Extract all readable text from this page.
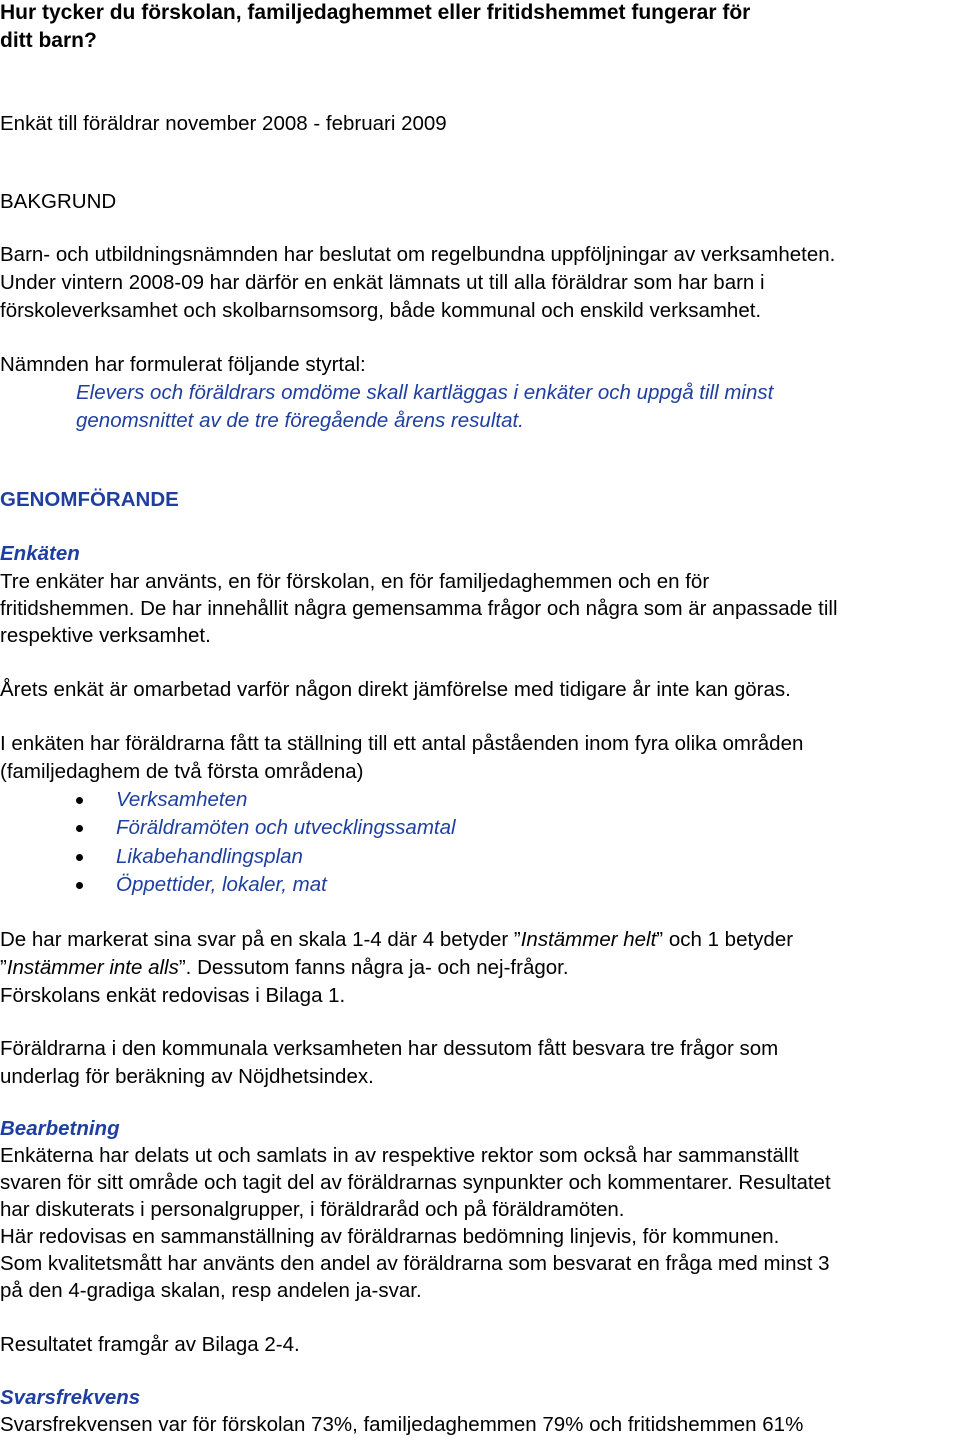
Hur tycker du förskolan, familjedaghemmet eller fritidshemmet fungerar för

ditt barn?

Enkät till föräldrar november 2008 - februari 2009

BAKGRUND

Barn- och utbildningsnämnden har beslutat om regelbundna uppföljningar av verksamheten.

Under vintern 2008-09 har därför en enkät lämnats ut till alla föräldrar som har barn i

förskoleverksamhet och skolbarnsomsorg, både kommunal och enskild verksamhet.

Nämnden har formulerat följande styrtal:

Elevers och föräldrars omdöme skall kartläggas i enkäter och uppgå till minst

genomsnittet av de tre föregående årens resultat.

GENOMFÖRANDE

Enkäten

Tre enkäter har använts, en för förskolan, en för familjedaghemmen och en för

fritidshemmen. De har innehållit några gemensamma frågor och några som är anpassade till

respektive verksamhet.

Årets enkät är omarbetad varför någon direkt jämförelse med tidigare år inte kan göras.

I enkäten har föräldrarna fått ta ställning till ett antal påståenden inom fyra olika områden

(familjedaghem de två första områdena)

Verksamheten

Föräldramöten och utvecklingssamtal

Likabehandlingsplan

Öppettider, lokaler, mat

De har markerat sina svar på en skala 1-4 där 4 betyder ”Instämmer helt” och 1 betyder

”Instämmer inte alls”. Dessutom fanns några ja- och nej-frågor.

Förskolans enkät redovisas i Bilaga 1.

Föräldrarna i den kommunala verksamheten har dessutom fått besvara tre frågor som

underlag för beräkning av Nöjdhetsindex.

Bearbetning

Enkäterna har delats ut och samlats in av respektive rektor som också har sammanställt

svaren för sitt område och tagit del av föräldrarnas synpunkter och kommentarer. Resultatet

har diskuterats i personalgrupper, i föräldraråd och på föräldramöten.

Här redovisas en sammanställning av föräldrarnas bedömning linjevis, för kommunen.

Som kvalitetsmått har använts den andel av föräldrarna som besvarat en fråga med minst 3

på den 4-gradiga skalan, resp andelen ja-svar.

Resultatet framgår av Bilaga 2-4.

Svarsfrekvens

Svarsfrekvensen var för förskolan 73%, familjedaghemmen 79% och fritidshemmen 61%
